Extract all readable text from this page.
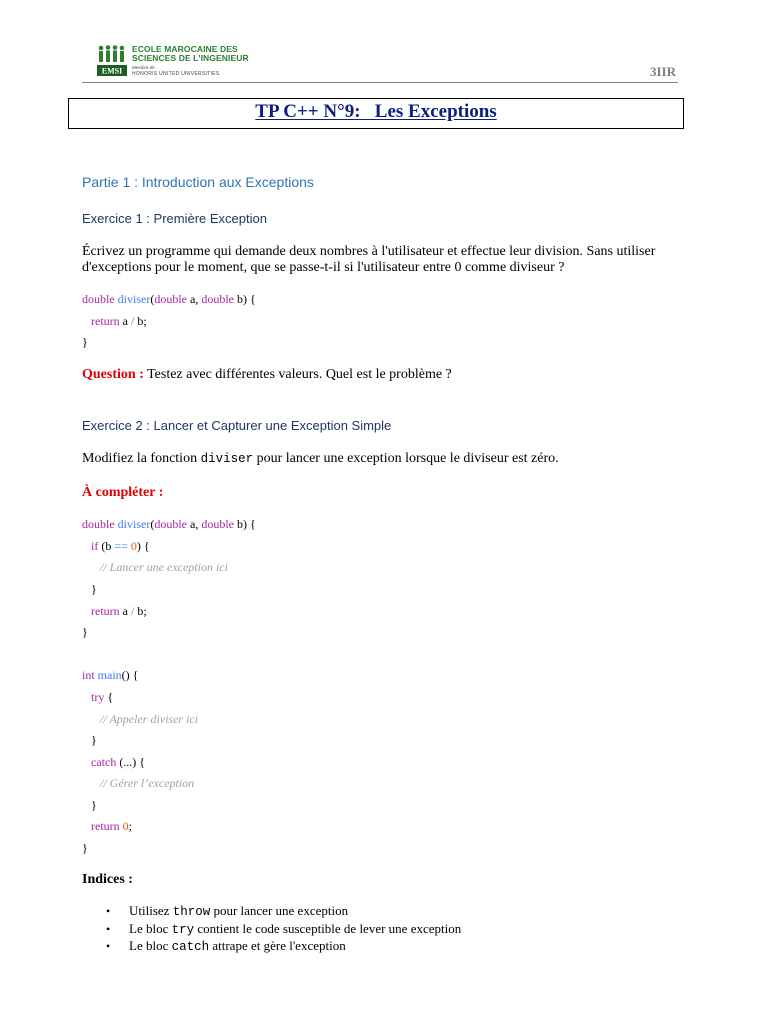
EMSI
ECOLE MAROCAINE DES
SCIENCES DE L'INGENIEUR
Membre de
HONORIS UNITED UNIVERSITIES	3IIR
TP C++ N°9:   Les Exceptions
Partie 1 : Introduction aux Exceptions
Exercice 1 : Première Exception
Écrivez un programme qui demande deux nombres à l'utilisateur et effectue leur division. Sans utiliser
d'exceptions pour le moment, que se passe-t-il si l'utilisateur entre 0 comme diviseur ?
double diviser(double a, double b) {
return a / b;
}
Question : Testez avec différentes valeurs. Quel est le problème ?
Exercice 2 : Lancer et Capturer une Exception Simple
Modifiez la fonction diviser pour lancer une exception lorsque le diviseur est zéro.
À compléter :
double diviser(double a, double b) {
if (b == 0) {
// Lancer une exception ici
}
return a / b;
}
int main() {
try {
// Appeler diviser ici
}
catch (...) {
// Gérer l’exception
}
return 0;
}
Indices :
• Utilisez throw pour lancer une exception
• Le bloc try contient le code susceptible de lever une exception
• Le bloc catch attrape et gère l'exception
